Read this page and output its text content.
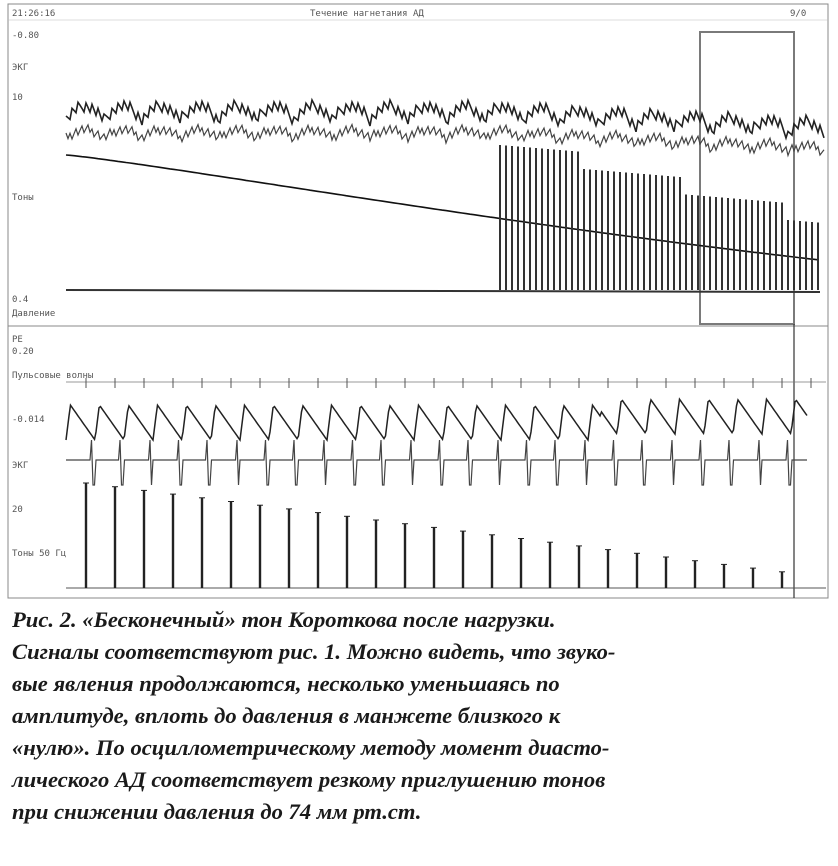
21:26:16	Течение нагнетания АД	9/0
-0.80
ЭКГ
10
Тоны
0.4
Давление
РЕ
0.20
Пульсовые волны
-0.014
ЭКГ
20
Тоны 50 Гц
Рис. 2. «Бесконечный» тон Короткова после нагрузки.
Сигналы соответствуют рис. 1. Можно видеть, что звуко-
вые явления продолжаются, несколько уменьшаясь по
амплитуде, вплоть до давления в манжете близкого к
«нулю». По осциллометрическому методу момент диасто-
лического АД соответствует резкому приглушению тонов
при снижении давления до 74 мм рт.ст.
